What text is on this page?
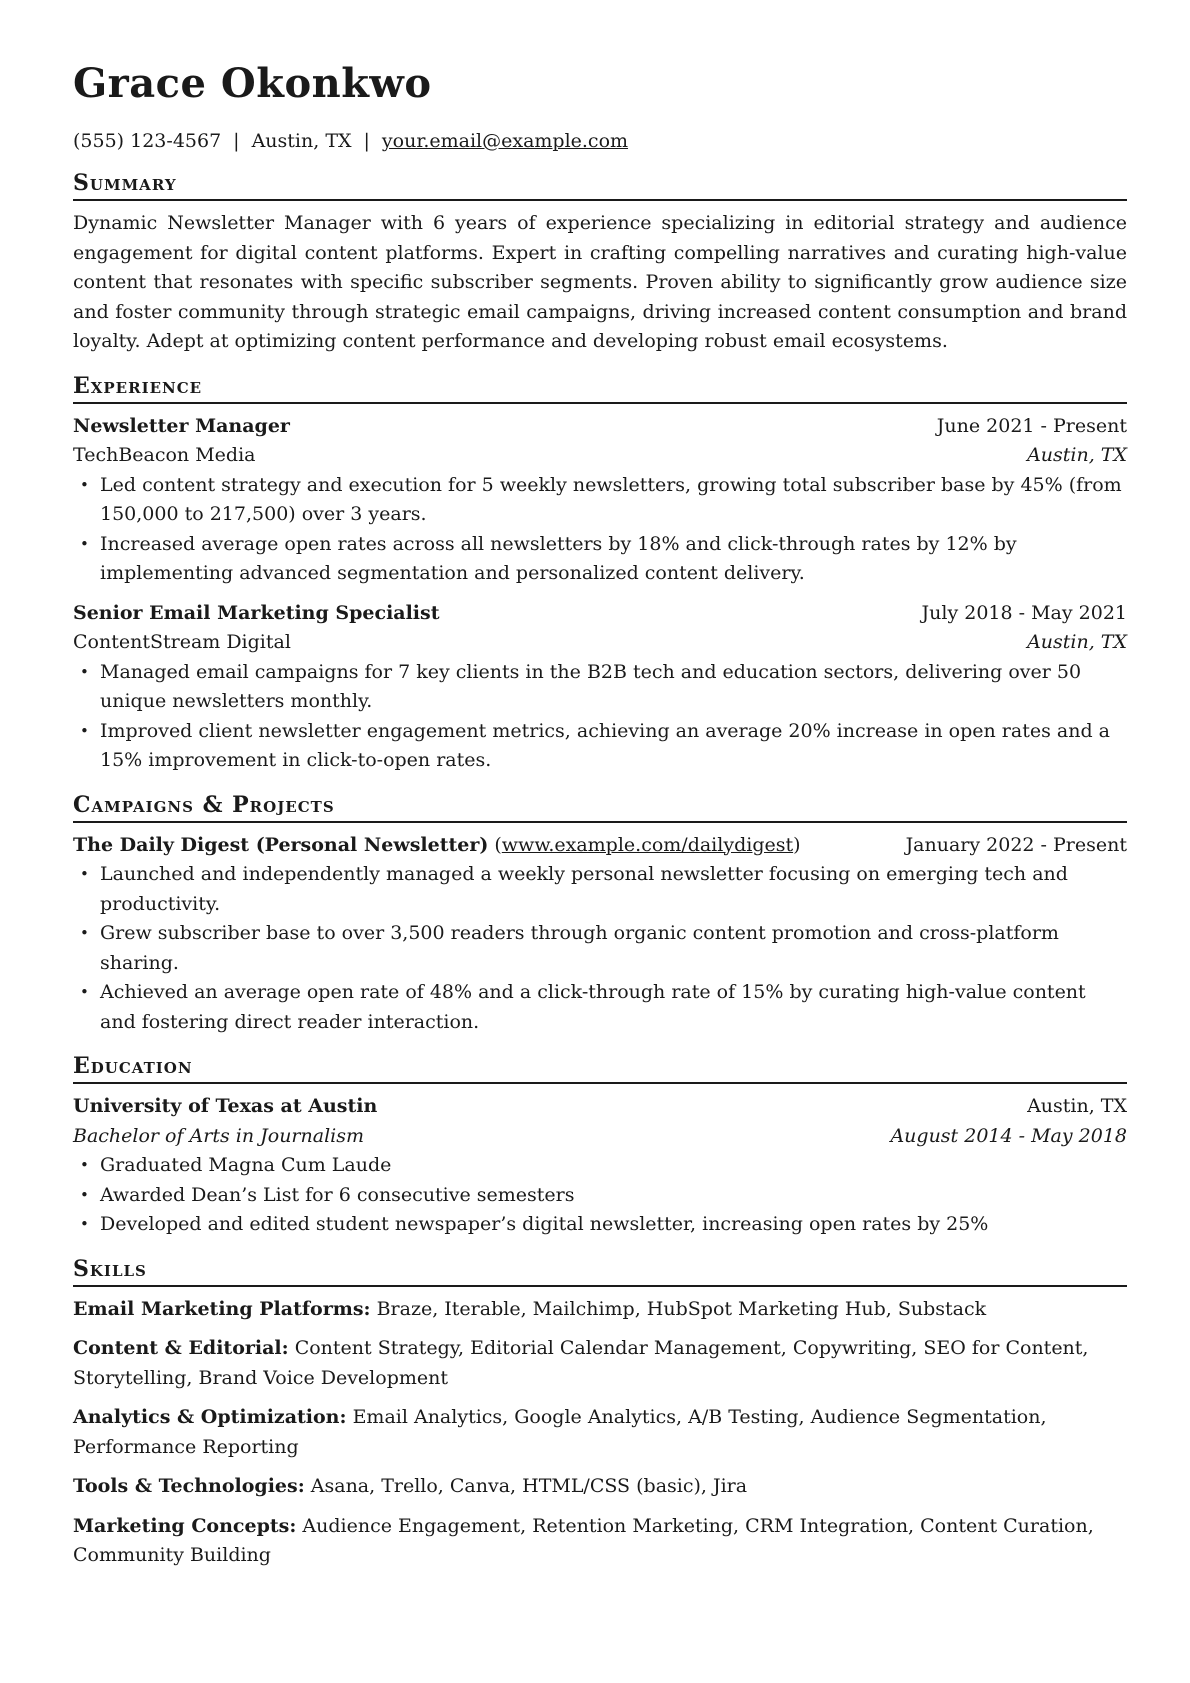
Grace Okonkwo
(555) 123-4567 | Austin, TX | your.email@example.com
Summary
Dynamic Newsletter Manager with 6 years of experience specializing in editorial strategy and audience engagement for digital content platforms. Expert in crafting compelling narratives and curating high-value content that resonates with specific subscriber segments. Proven ability to significantly grow audience size and foster community through strategic email campaigns, driving increased content consumption and brand loyalty. Adept at optimizing content performance and developing robust email ecosystems.
Experience
Newsletter Manager	June 2021 - Present
TechBeacon Media	Austin, TX
• Led content strategy and execution for 5 weekly newsletters, growing total subscriber base by 45% (from 150,000 to 217,500) over 3 years.
• Increased average open rates across all newsletters by 18% and click-through rates by 12% by implementing advanced segmentation and personalized content delivery.
Senior Email Marketing Specialist	July 2018 - May 2021
ContentStream Digital	Austin, TX
• Managed email campaigns for 7 key clients in the B2B tech and education sectors, delivering over 50 unique newsletters monthly.
• Improved client newsletter engagement metrics, achieving an average 20% increase in open rates and a 15% improvement in click-to-open rates.
Campaigns & Projects
The Daily Digest (Personal Newsletter) (www.example.com/dailydigest)	January 2022 - Present
• Launched and independently managed a weekly personal newsletter focusing on emerging tech and productivity.
• Grew subscriber base to over 3,500 readers through organic content promotion and cross-platform sharing.
• Achieved an average open rate of 48% and a click-through rate of 15% by curating high-value content and fostering direct reader interaction.
Education
University of Texas at Austin	Austin, TX
Bachelor of Arts in Journalism	August 2014 - May 2018
• Graduated Magna Cum Laude
• Awarded Dean’s List for 6 consecutive semesters
• Developed and edited student newspaper’s digital newsletter, increasing open rates by 25%
Skills
Email Marketing Platforms: Braze, Iterable, Mailchimp, HubSpot Marketing Hub, Substack
Content & Editorial: Content Strategy, Editorial Calendar Management, Copywriting, SEO for Content, Storytelling, Brand Voice Development
Analytics & Optimization: Email Analytics, Google Analytics, A/B Testing, Audience Segmentation, Performance Reporting
Tools & Technologies: Asana, Trello, Canva, HTML/CSS (basic), Jira
Marketing Concepts: Audience Engagement, Retention Marketing, CRM Integration, Content Curation, Community Building
